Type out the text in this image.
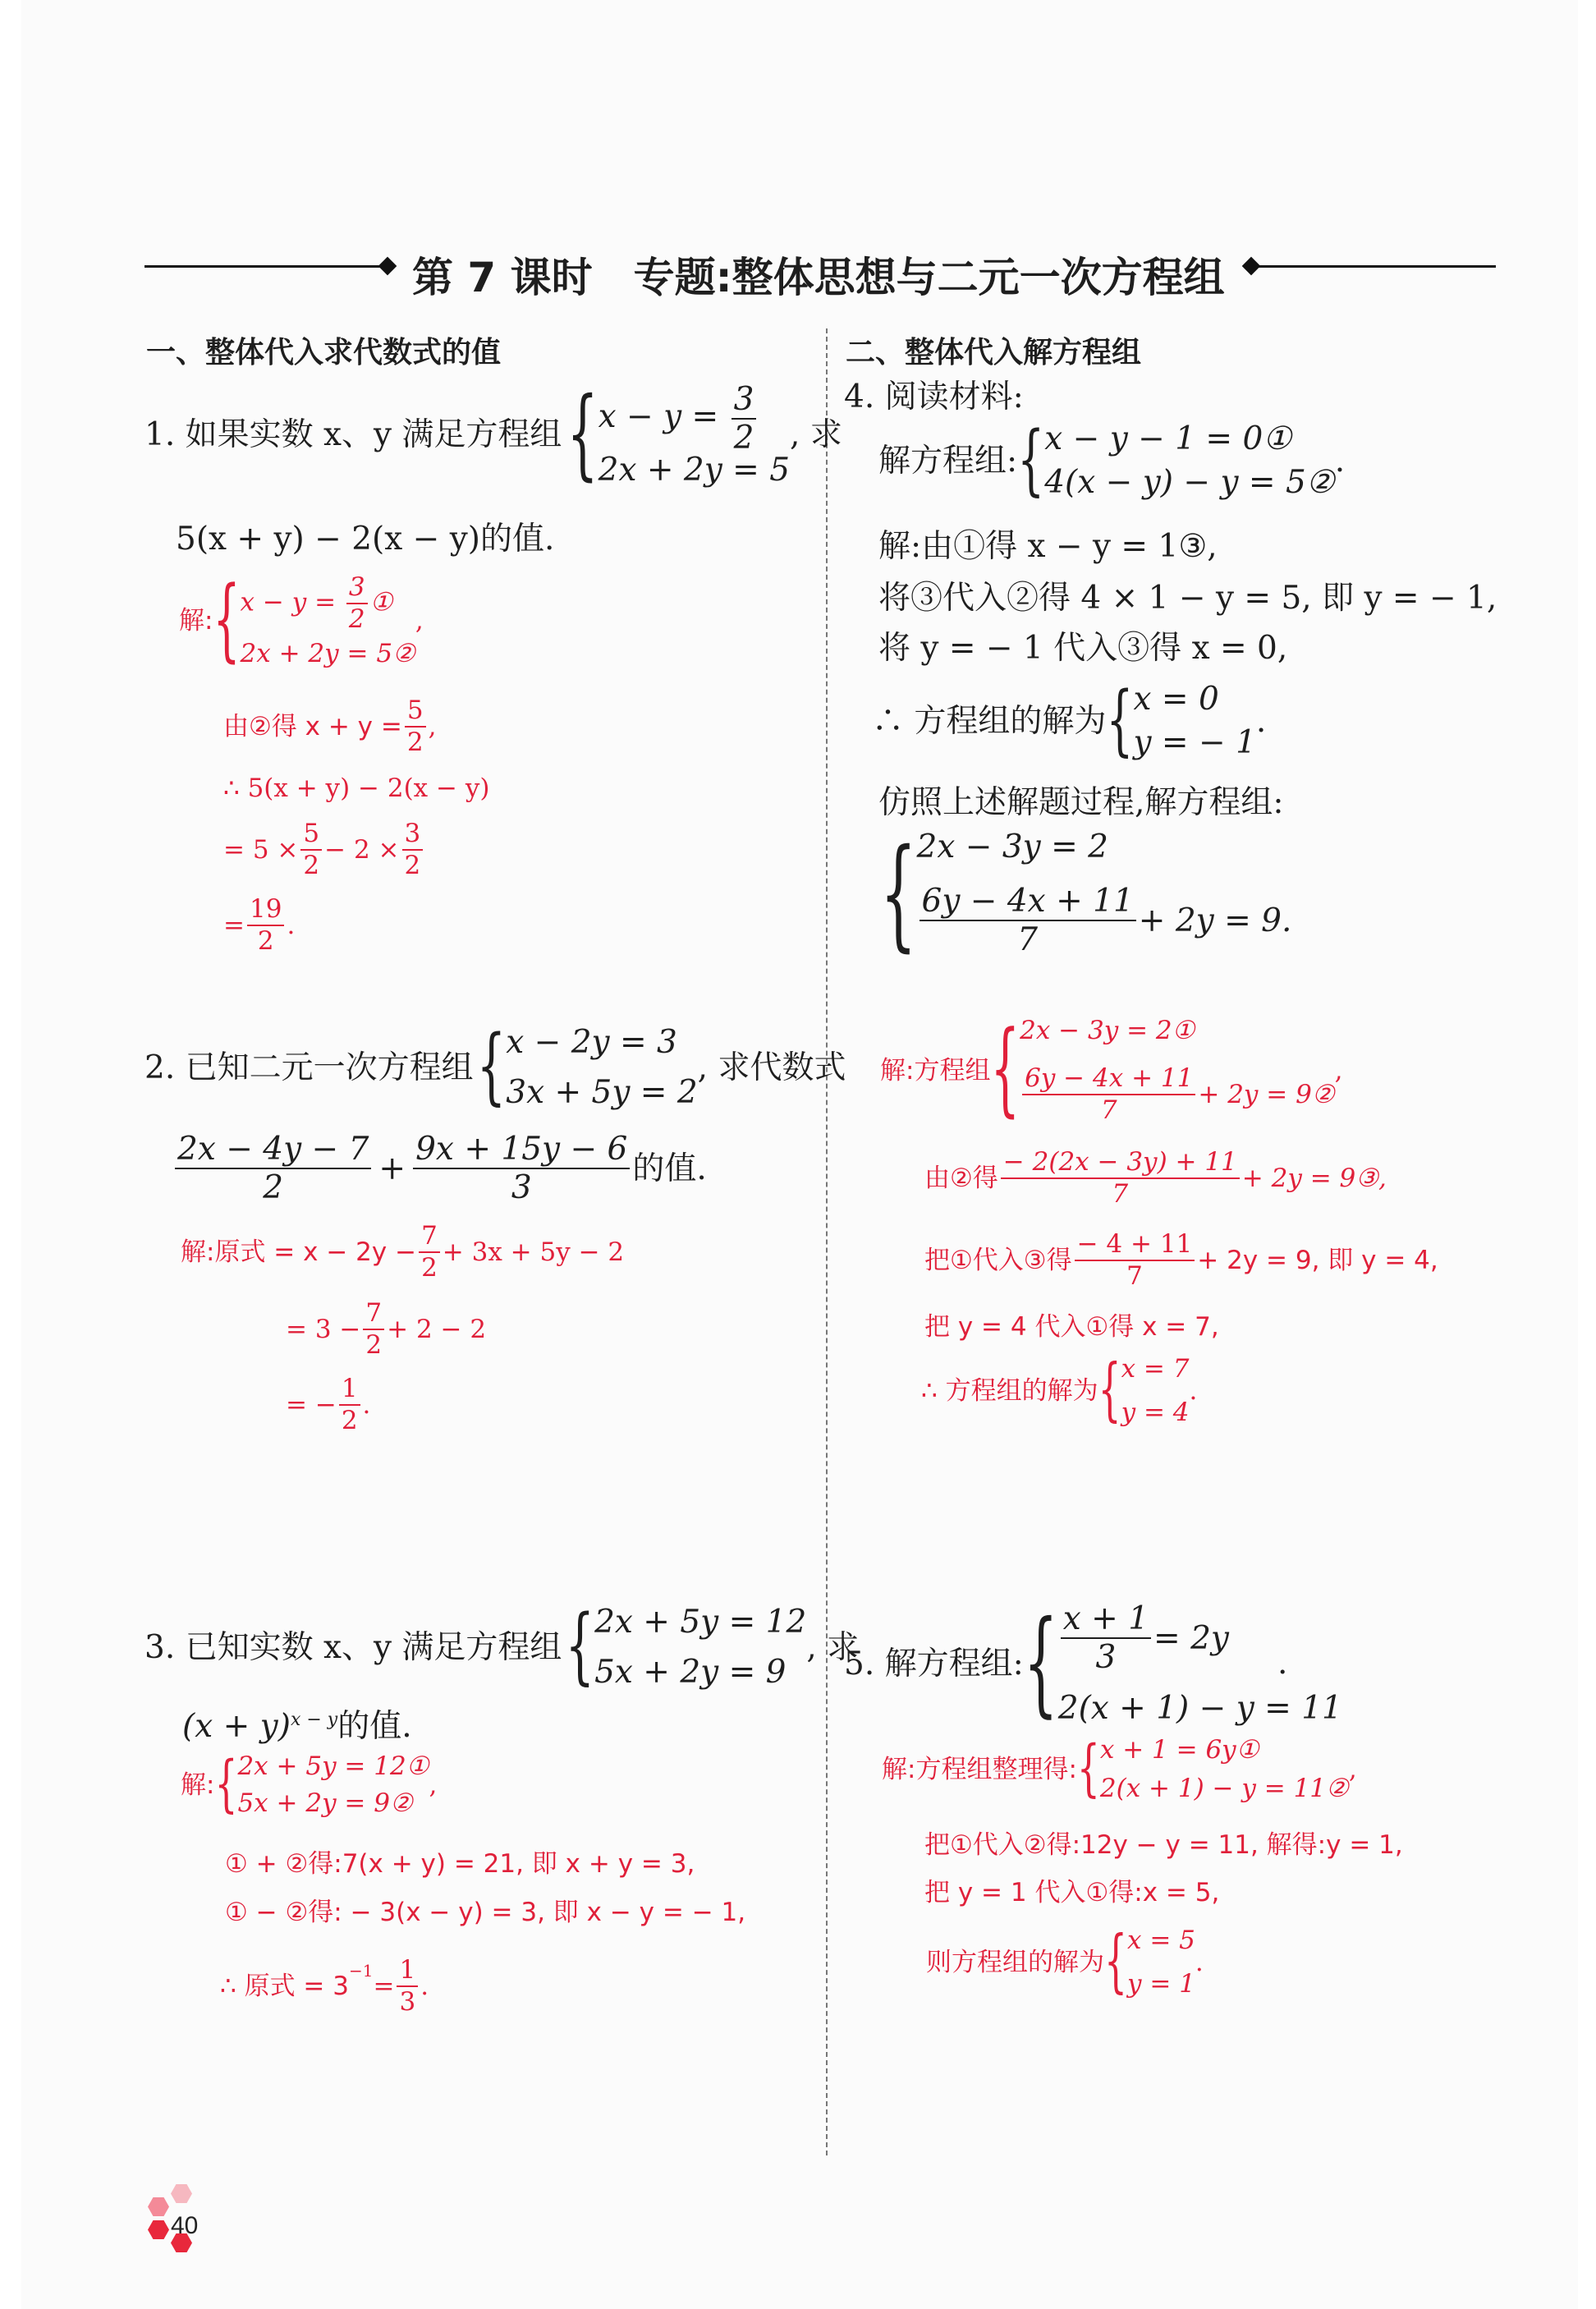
第 7 课时　专题:整体思想与二元一次方程组
一、整体代入求代数式的值	二、整体代入解方程组
1. 如果实数 x、y 满足方程组 { $x - y = \frac{3}{2}$
2x + 2y = 5
, 求
5(x + y) − 2(x − y)的值.
解: { $x - y = \frac{3}{2}$ ①
2x + 2y = 5②
,
由②得 $x + y = \frac{5}{2}$ ,
∴ 5(x + y) − 2(x − y)
= $5 \times \frac{5}{2} - 2 \times \frac{3}{2}$
= $\frac{19}{2}$ .
2. 已知二元一次方程组 { x − 2y = 3
3x + 5y = 2
, 求代数式
$\frac{2x - 4y - 7}{2} + \frac{9x + 15y - 6}{3}$ 的值.
解:原式 = $x - 2y - \frac{7}{2} + 3x + 5y - 2$
= $3 - \frac{7}{2} + 2 - 2$
= − $\frac{1}{2}$ .
3. 已知实数 x、y 满足方程组 { 2x + 5y = 12
5x + 2y = 9
, 求
$(x + y)^{x - y}$的值.
解: { 2x + 5y = 12①
5x + 2y = 9②
,
① + ②得:7(x + y) = 21, 即 x + y = 3,
① − ②得: − 3(x − y) = 3, 即 x − y = − 1,
∴ 原式 = 3
$^{-1}$
= $\frac{1}{3}$ .
4. 阅读材料:
解方程组: { x − y − 1 = 0①
4(x − y) − y = 5②
.
解:由①得 x − y = 1③,
将③代入②得 4 × 1 − y = 5, 即 y = − 1,
将 y = − 1 代入③得 x = 0,
∴ 方程组的解为 { x = 0
y = − 1
.
仿照上述解题过程,解方程组:
{ 2x − 3y = 2
$\frac{6y - 4x + 11}{7} + 2y = 9$ .
解:方程组 { 2x − 3y = 2①
$\frac{6y - 4x + 11}{7} + 2y$ = 9②
,
由②得 $\frac{- 2(2x - 3y) + 11}{7} + 2y$ = 9③,
把①代入③得 $\frac{- 4 + 11}{7} + 2y = 9$, 即 y = 4,
把 y = 4 代入①得 x = 7,
∴ 方程组的解为 { x = 7
y = 4
.
5. 解方程组: { $\frac{x + 1}{3} = 2y$
2(x + 1) − y = 11
.
解:方程组整理得: { x + 1 = 6y①
2(x + 1) − y = 11②
,
把①代入②得:12y − y = 11, 解得:y = 1,
把 y = 1 代入①得:x = 5,
则方程组的解为 { x = 5
y = 1
.
40
